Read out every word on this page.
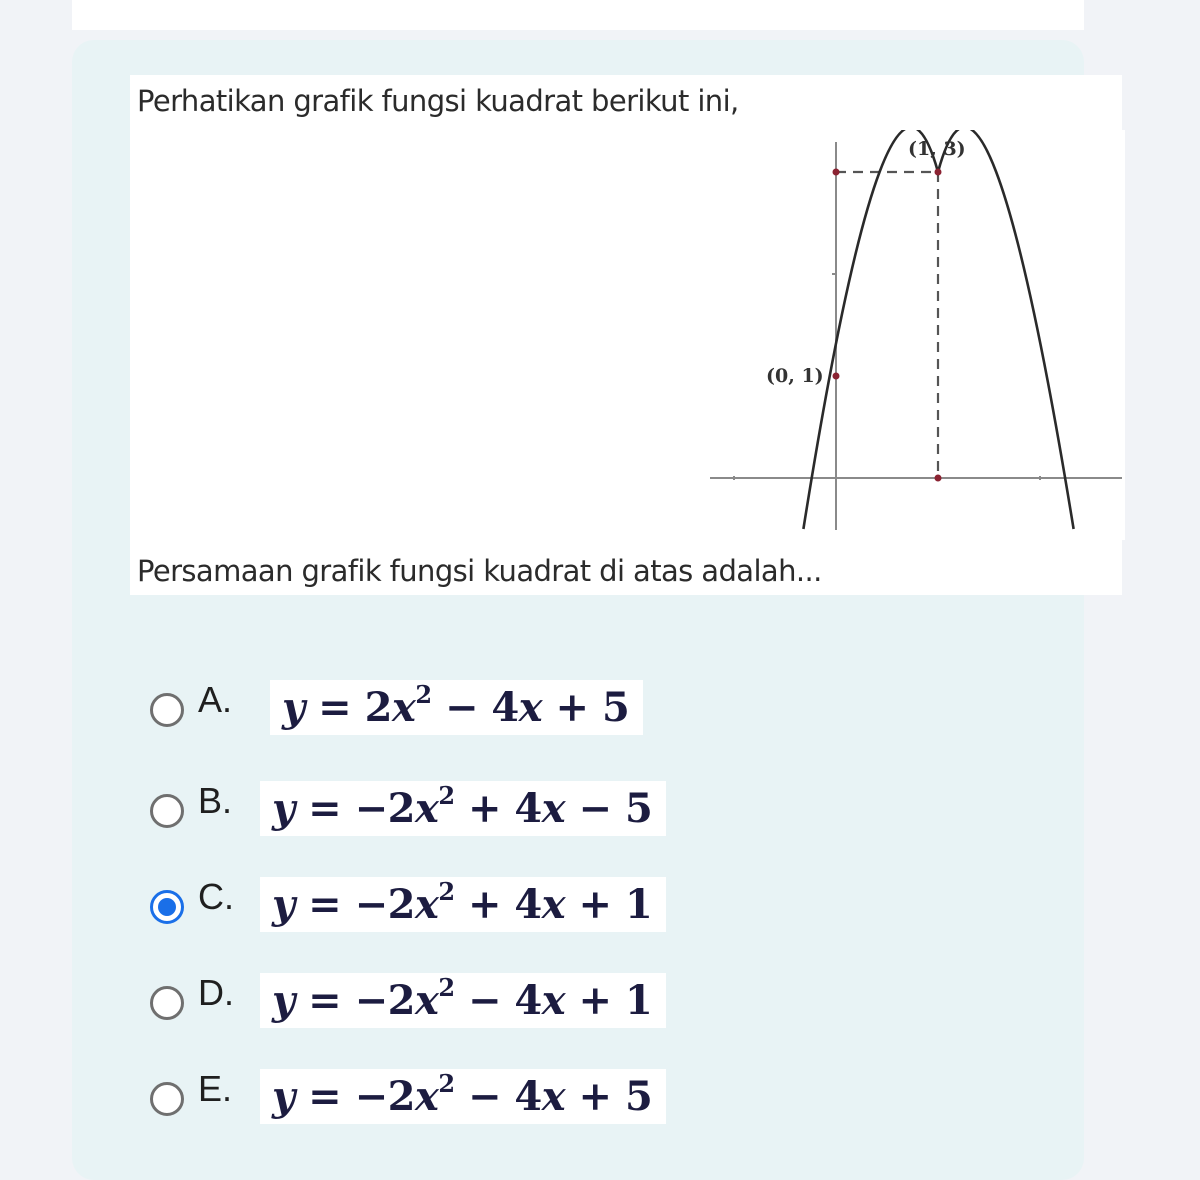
Perhatikan grafik fungsi kuadrat berikut ini,
(1, 3)
(0, 1)
Persamaan grafik fungsi kuadrat di atas adalah...
A.	$y = 2x^2 - 4x + 5$
B. $y = -2x^2 + 4x - 5$
C. $y = -2x^2 + 4x + 1$
D. $y = -2x^2 - 4x + 1$
E. $y = -2x^2 - 4x + 5$
